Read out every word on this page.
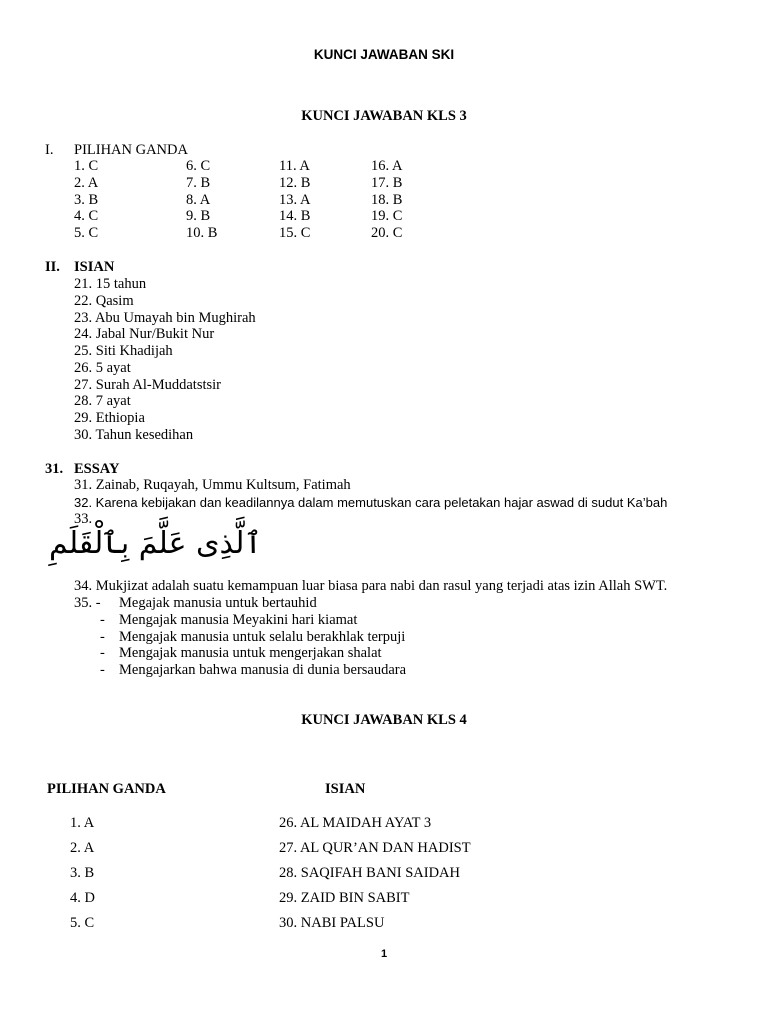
KUNCI JAWABAN SKI
KUNCI JAWABAN KLS 3
I. PILIHAN GANDA
1. C
2. A
3. B
4. C
5. C
6. C
7. B
8. A
9. B
10. B
11. A
12. B
13. A
14. B
15. C
16. A
17. B
18. B
19. C
20. C
II. ISIAN
21. 15 tahun
22. Qasim
23. Abu Umayah bin Mughirah
24. Jabal Nur/Bukit Nur
25. Siti Khadijah
26. 5 ayat
27. Surah Al-Muddatstsir
28. 7 ayat
29. Ethiopia
30. Tahun kesedihan
31. ESSAY
31. Zainab, Ruqayah, Ummu Kultsum, Fatimah
32. Karena kebijakan dan keadilannya dalam memutuskan cara peletakan hajar aswad di sudut Ka’bah
33.
ٱلَّذِى عَلَّمَ بِٱلْقَلَمِ
34. Mukjizat adalah suatu kemampuan luar biasa para nabi dan rasul yang terjadi atas izin Allah SWT.
35. - Megajak manusia untuk bertauhid
- Mengajak manusia Meyakini hari kiamat
- Mengajak manusia untuk selalu berakhlak terpuji
- Mengajak manusia untuk mengerjakan shalat
- Mengajarkan bahwa manusia di dunia bersaudara
KUNCI JAWABAN KLS 4
PILIHAN GANDA	ISIAN
1. A
2. A
3. B
4. D
5. C
26. AL MAIDAH AYAT 3
27. AL QUR’AN DAN HADIST
28. SAQIFAH BANI SAIDAH
29. ZAID BIN SABIT
30. NABI PALSU
1
